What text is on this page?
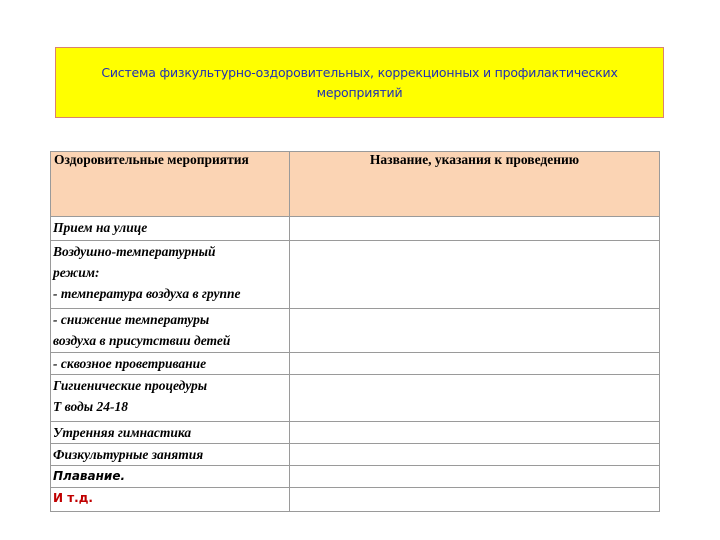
Система физкультурно-оздоровительных, коррекционных и профилактических мероприятий
Оздоровительные мероприятия	Название, указания к проведению

Прием на улице	

Воздушно-температурный
режим:
- температура воздуха в группе	

- снижение температуры
воздуха в присутствии детей	

- сквозное проветривание	

Гигиенические процедуры
Т воды 24-18	

Утренняя гимнастика	

Физкультурные занятия	

Плавание.	

И т.д.	
